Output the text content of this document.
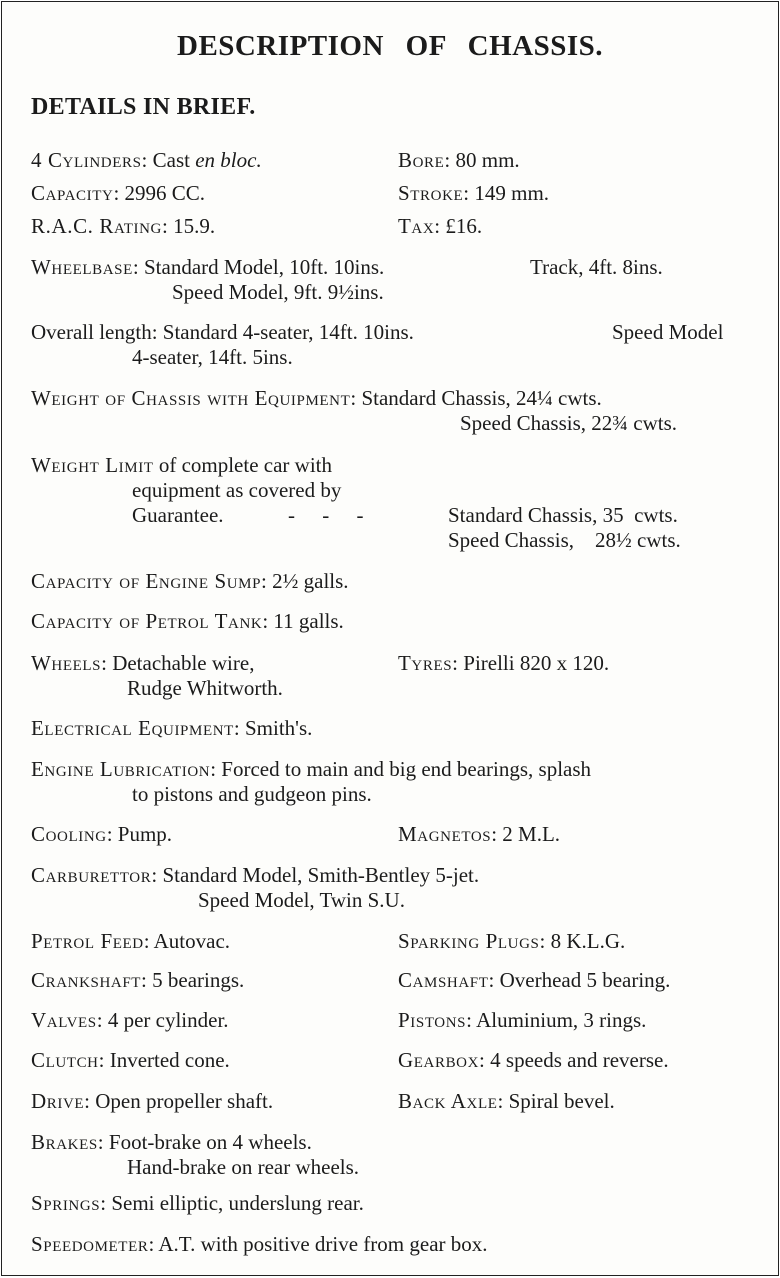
DESCRIPTION OF CHASSIS.
DETAILS IN BRIEF.
4 Cylinders: Cast en bloc.	Bore: 80 mm.
Capacity: 2996 CC.	Stroke: 149 mm.
R.A.C. Rating: 15.9.	Tax: £16.
Wheelbase: Standard Model, 10ft. 10ins.	Track, 4ft. 8ins.
Speed Model, 9ft. 9½ins.
Overall length: Standard 4-seater, 14ft. 10ins.	Speed Model
4-seater, 14ft. 5ins.
Weight of Chassis with Equipment: Standard Chassis, 24¼ cwts.
Speed Chassis, 22¾ cwts.
Weight Limit of complete car with
equipment as covered by
Guarantee.	- - -	Standard Chassis, 35  cwts.
Speed Chassis,    28½ cwts.
Capacity of Engine Sump: 2½ galls.
Capacity of Petrol Tank: 11 galls.
Wheels: Detachable wire,
Rudge Whitworth.
Tyres: Pirelli 820 x 120.
Electrical Equipment: Smith's.
Engine Lubrication: Forced to main and big end bearings, splash
to pistons and gudgeon pins.
Cooling: Pump.	Magnetos: 2 M.L.
Carburettor: Standard Model, Smith-Bentley 5-jet.
Speed Model, Twin S.U.
Petrol Feed: Autovac.	Sparking Plugs: 8 K.L.G.
Crankshaft: 5 bearings.	Camshaft: Overhead 5 bearing.
Valves: 4 per cylinder.	Pistons: Aluminium, 3 rings.
Clutch: Inverted cone.	Gearbox: 4 speeds and reverse.
Drive: Open propeller shaft.	Back Axle: Spiral bevel.
Brakes: Foot-brake on 4 wheels.
Hand-brake on rear wheels.
Springs: Semi elliptic, underslung rear.
Speedometer: A.T. with positive drive from gear box.
